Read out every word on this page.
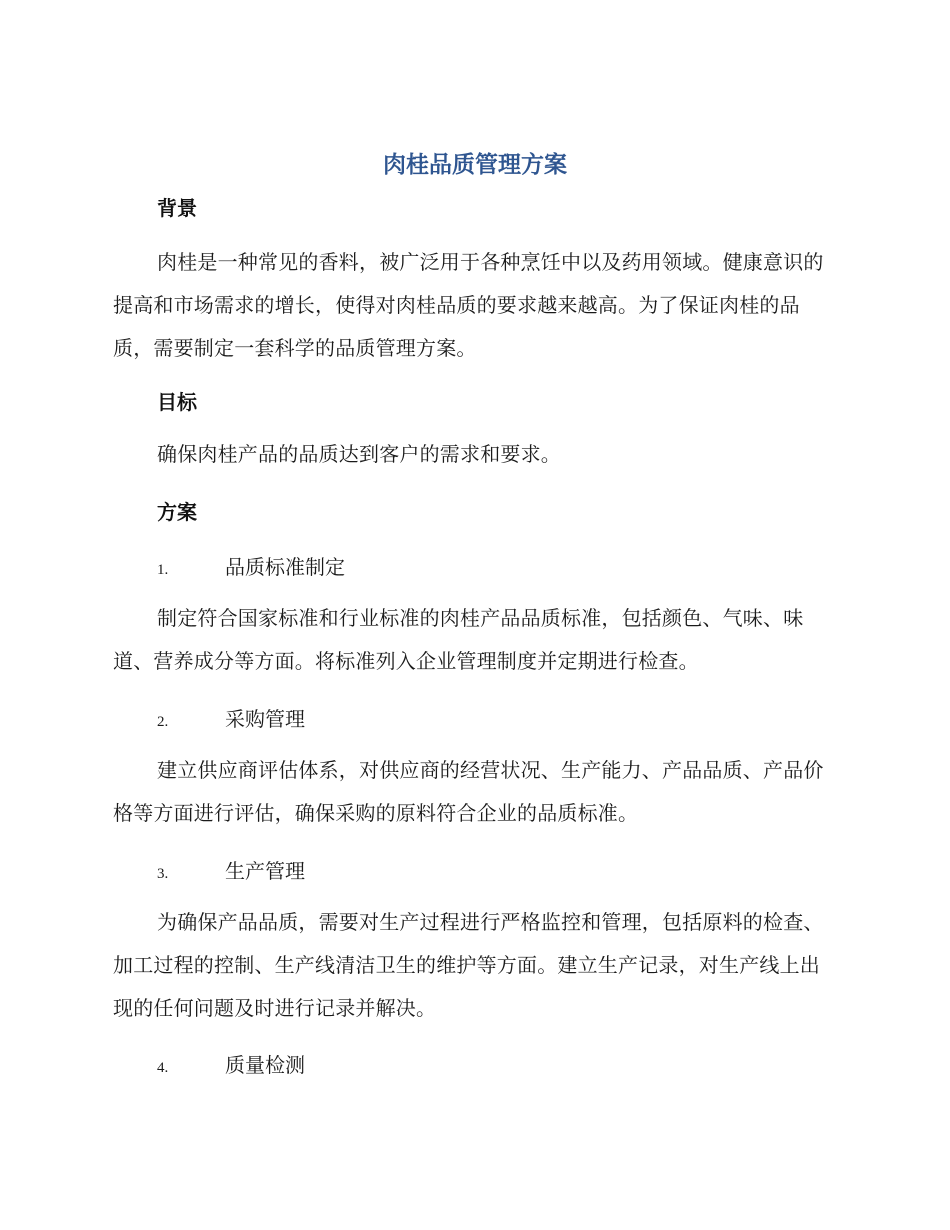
肉桂品质管理方案
背景

肉桂是一种常见的香料，被广泛用于各种烹饪中以及药用领域。健康意识的提高和市场需求的增长，使得对肉桂品质的要求越来越高。为了保证肉桂的品质，需要制定一套科学的品质管理方案。

目标

确保肉桂产品的品质达到客户的需求和要求。

方案
1.	品质标准制定

制定符合国家标准和行业标准的肉桂产品品质标准，包括颜色、气味、味道、营养成分等方面。将标准列入企业管理制度并定期进行检查。

2.	采购管理

建立供应商评估体系，对供应商的经营状况、生产能力、产品品质、产品价格等方面进行评估，确保采购的原料符合企业的品质标准。

3.	生产管理

为确保产品品质，需要对生产过程进行严格监控和管理，包括原料的检查、加工过程的控制、生产线清洁卫生的维护等方面。建立生产记录，对生产线上出现的任何问题及时进行记录并解决。

4.	质量检测
